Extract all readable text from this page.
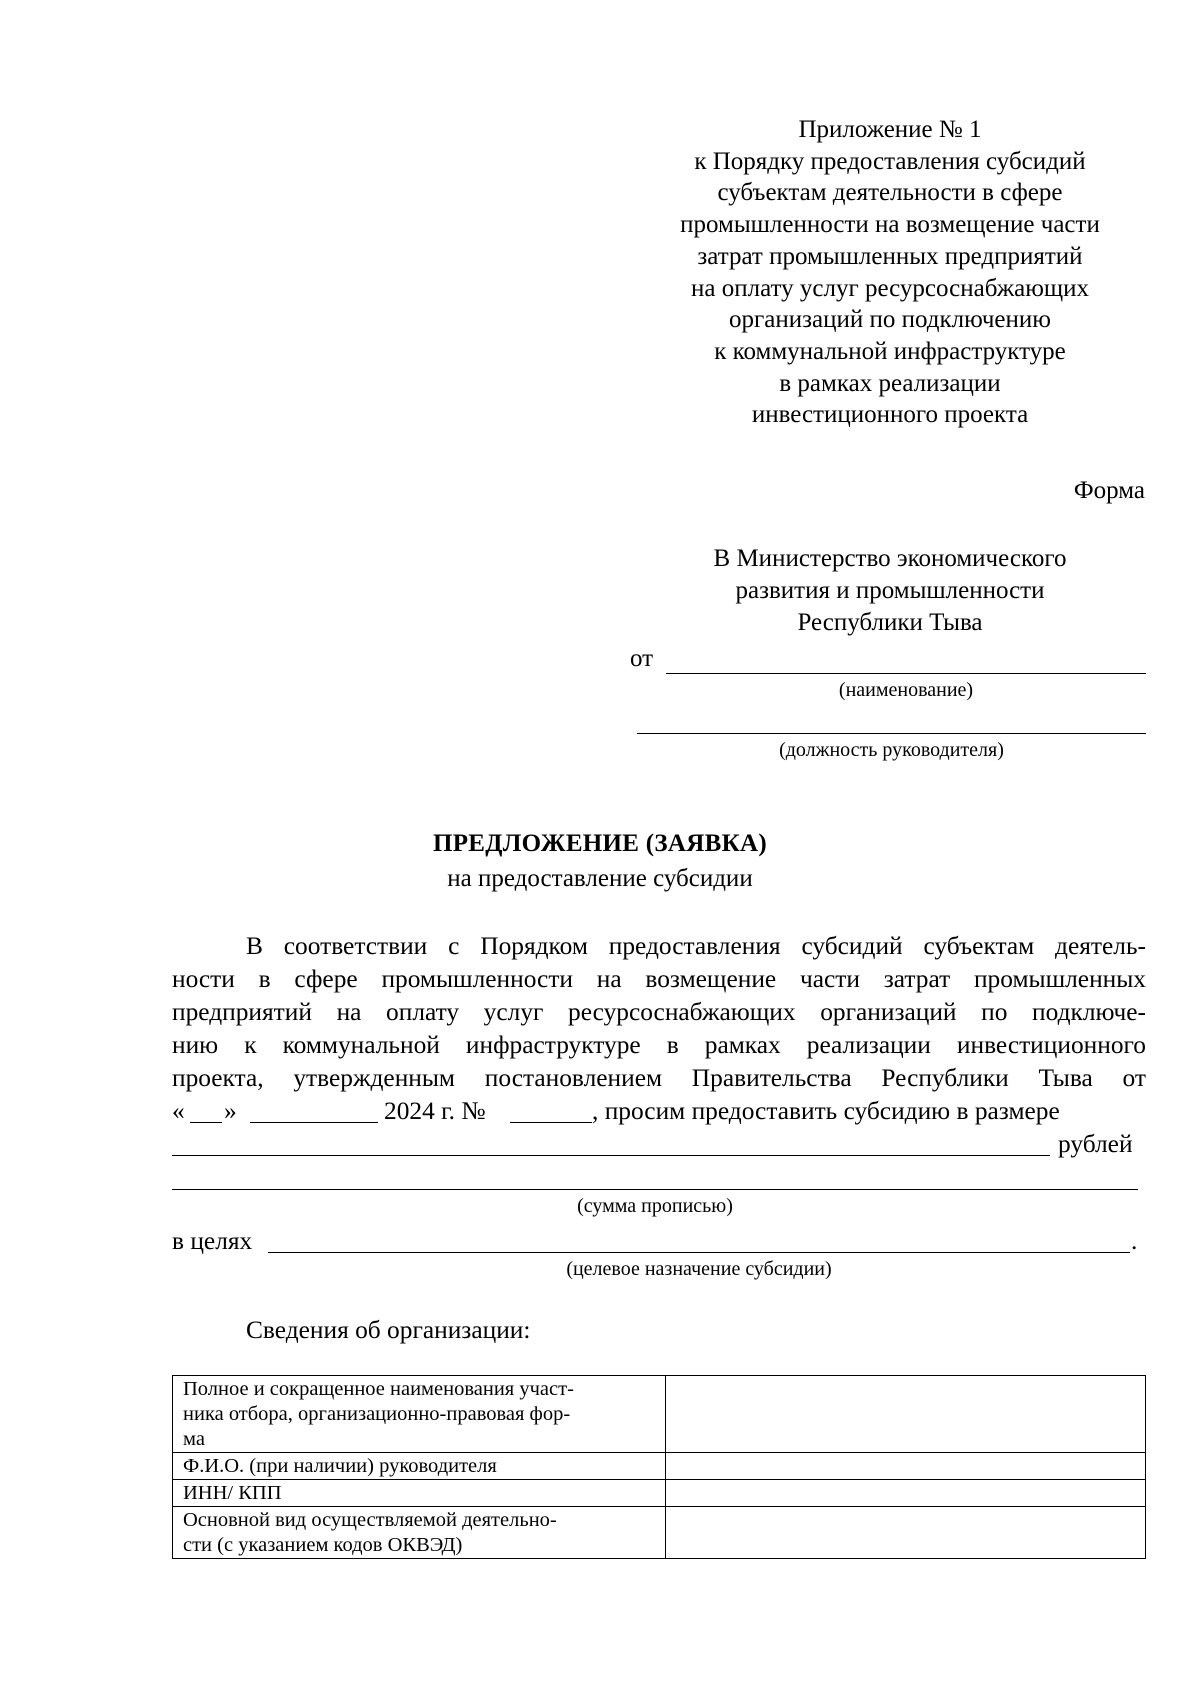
Приложение № 1
к Порядку предоставления субсидий
субъектам деятельности в сфере
промышленности на возмещение части
затрат промышленных предприятий
на оплату услуг ресурсоснабжающих
организаций по подключению
к коммунальной инфраструктуре
в рамках реализации
инвестиционного проекта
Форма
В Министерство экономического
развития и промышленности
Республики Тыва
от
(наименование)
(должность руководителя)
ПРЕДЛОЖЕНИЕ (ЗАЯВКА)
на предоставление субсидии
В соответствии с Порядком предоставления субсидий субъектам деятель-
ности в сфере промышленности на возмещение части затрат промышленных
предприятий на оплату услуг ресурсоснабжающих организаций по подключе-
нию к коммунальной инфраструктуре в рамках реализации инвестиционного
проекта, утвержденным постановлением Правительства Республики Тыва от
« »	2024 г. №	, просим предоставить субсидию в размере
рублей
(сумма прописью)
в целях	.
(целевое назначение субсидии)
Сведения об организации:
Полное и сокращенное наименования участ-
ника отбора, организационно-правовая фор-
ма	

Ф.И.О. (при наличии) руководителя	

ИНН/ КПП	

Основной вид осуществляемой деятельно-
сти (с указанием кодов ОКВЭД)	
